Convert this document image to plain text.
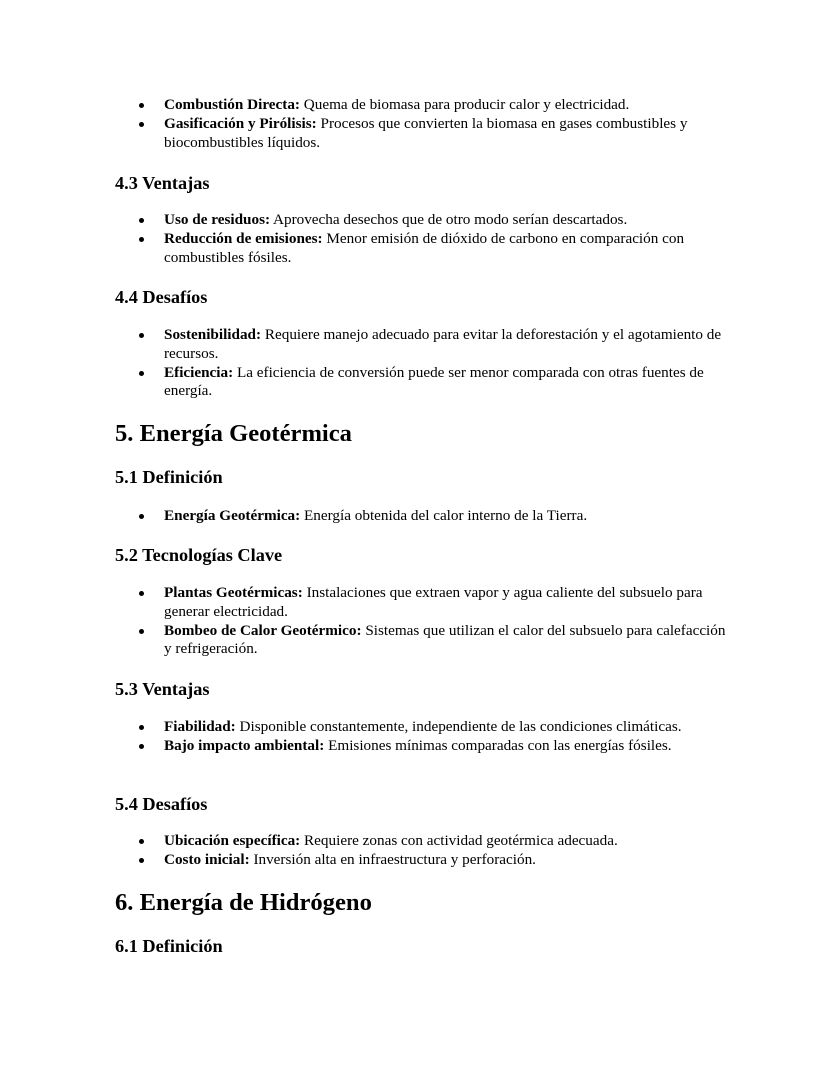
Combustión Directa: Quema de biomasa para producir calor y electricidad.
Gasificación y Pirólisis: Procesos que convierten la biomasa en gases combustibles y biocombustibles líquidos.
4.3 Ventajas
Uso de residuos: Aprovecha desechos que de otro modo serían descartados.
Reducción de emisiones: Menor emisión de dióxido de carbono en comparación con combustibles fósiles.
4.4 Desafíos
Sostenibilidad: Requiere manejo adecuado para evitar la deforestación y el agotamiento de recursos.
Eficiencia: La eficiencia de conversión puede ser menor comparada con otras fuentes de energía.
5. Energía Geotérmica
5.1 Definición
Energía Geotérmica: Energía obtenida del calor interno de la Tierra.
5.2 Tecnologías Clave
Plantas Geotérmicas: Instalaciones que extraen vapor y agua caliente del subsuelo para generar electricidad.
Bombeo de Calor Geotérmico: Sistemas que utilizan el calor del subsuelo para calefacción y refrigeración.
5.3 Ventajas
Fiabilidad: Disponible constantemente, independiente de las condiciones climáticas.
Bajo impacto ambiental: Emisiones mínimas comparadas con las energías fósiles.
5.4 Desafíos
Ubicación específica: Requiere zonas con actividad geotérmica adecuada.
Costo inicial: Inversión alta en infraestructura y perforación.
6. Energía de Hidrógeno
6.1 Definición
